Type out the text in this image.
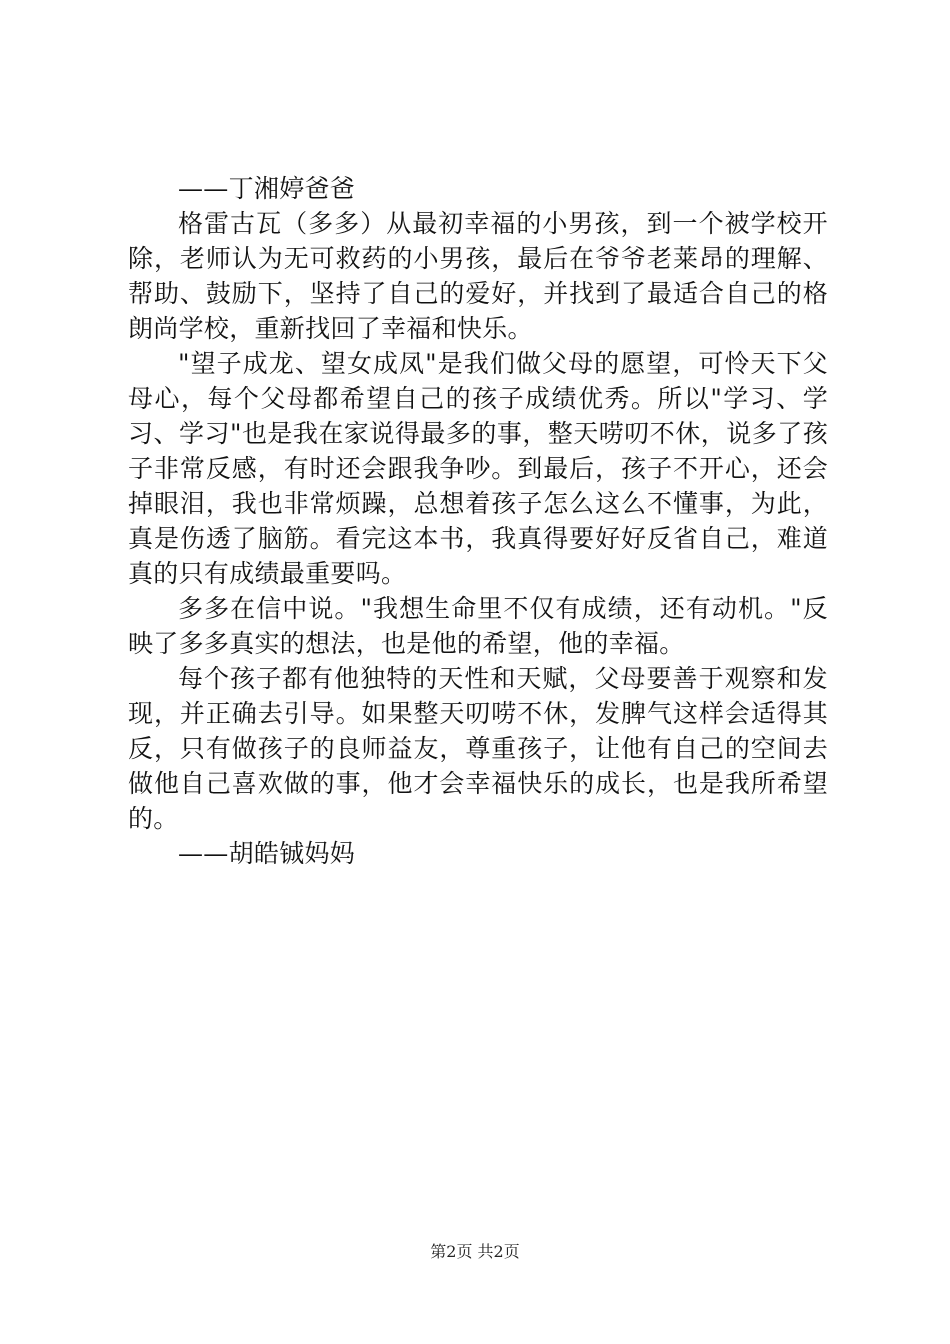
——丁湘婷爸爸

格雷古瓦（多多）从最初幸福的小男孩，到一个被学校开除，老师认为无可救药的小男孩，最后在爷爷老莱昂的理解、帮助、鼓励下，坚持了自己的爱好，并找到了最适合自己的格朗尚学校，重新找回了幸福和快乐。

"望子成龙、望女成凤"是我们做父母的愿望，可怜天下父母心，每个父母都希望自己的孩子成绩优秀。所以"学习、学习、学习"也是我在家说得最多的事，整天唠叨不休，说多了孩子非常反感，有时还会跟我争吵。到最后，孩子不开心，还会掉眼泪，我也非常烦躁，总想着孩子怎么这么不懂事，为此，真是伤透了脑筋。看完这本书，我真得要好好反省自己，难道真的只有成绩最重要吗。

多多在信中说。"我想生命里不仅有成绩，还有动机。"反映了多多真实的想法，也是他的希望，他的幸福。

每个孩子都有他独特的天性和天赋，父母要善于观察和发现，并正确去引导。如果整天叨唠不休，发脾气这样会适得其反，只有做孩子的良师益友，尊重孩子，让他有自己的空间去做他自己喜欢做的事，他才会幸福快乐的成长，也是我所希望的。

——胡皓铖妈妈

第2页 共2页
